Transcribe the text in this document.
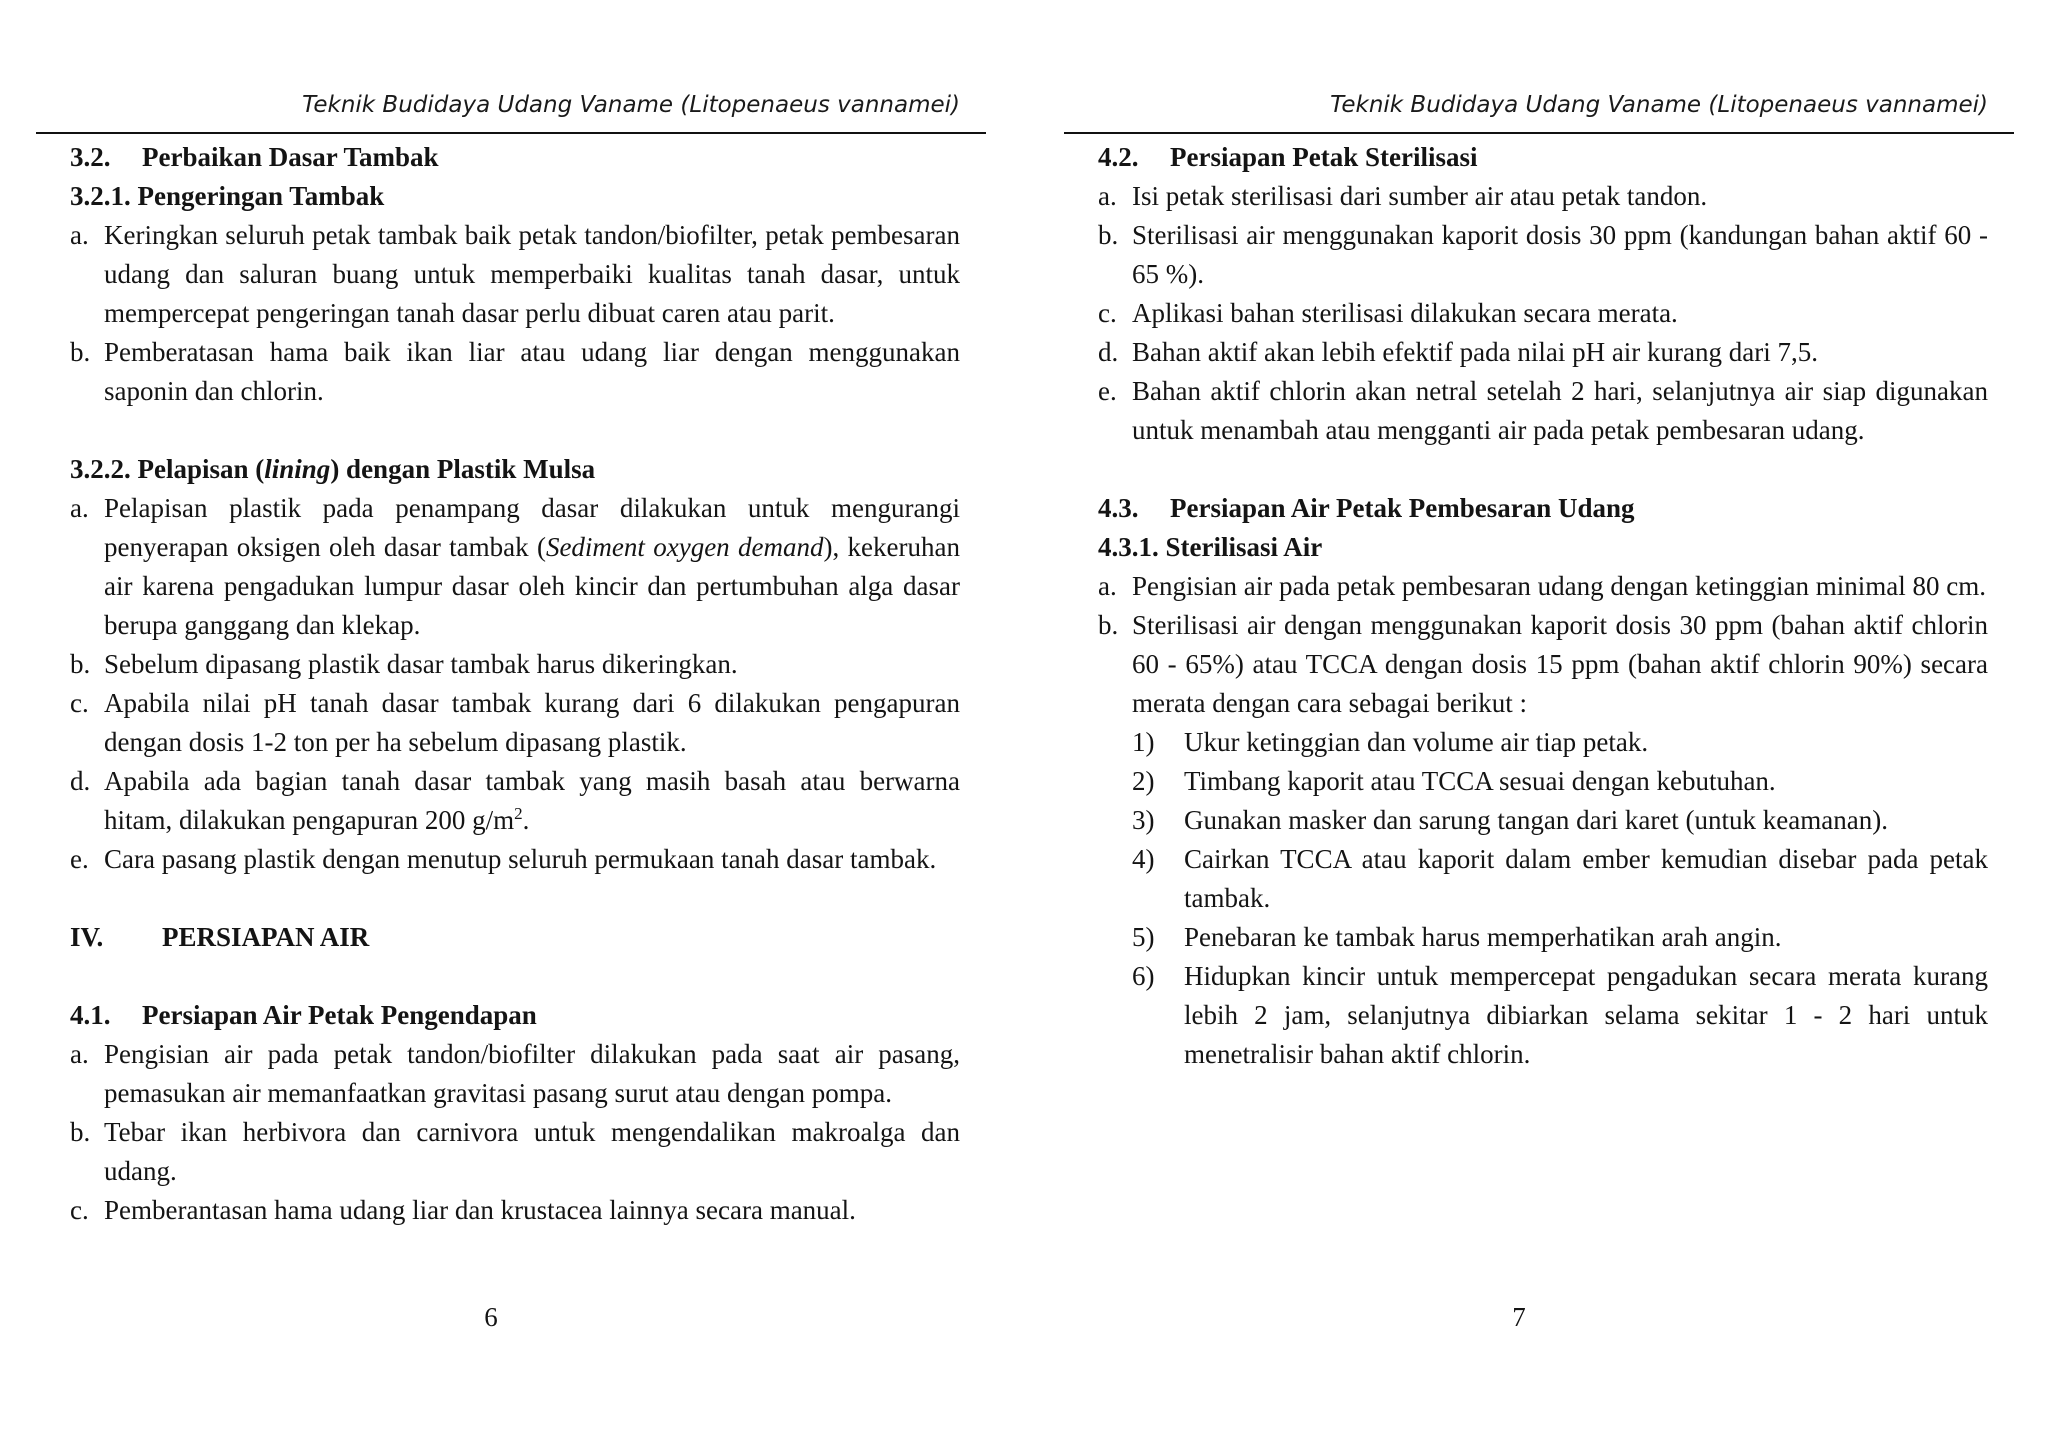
Teknik Budidaya Udang Vaname (Litopenaeus vannamei)
3.2.	Perbaikan Dasar Tambak
3.2.1.
Pengeringan Tambak
a. Keringkan seluruh petak tambak baik petak tandon/biofilter, petak pembesaran udang dan saluran buang untuk memperbaiki kualitas tanah dasar, untuk mempercepat pengeringan tanah dasar perlu dibuat caren atau parit.
b. Pemberatasan hama baik ikan liar atau udang liar dengan menggunakan saponin dan chlorin.
3.2.2.
Pelapisan (lining) dengan Plastik Mulsa
a. Pelapisan plastik pada penampang dasar dilakukan untuk mengurangi penyerapan oksigen oleh dasar tambak (Sediment oxygen demand), kekeruhan air karena pengadukan lumpur dasar oleh kincir dan pertumbuhan alga dasar berupa ganggang dan klekap.
b. Sebelum dipasang plastik dasar tambak harus dikeringkan.
c. Apabila nilai pH tanah dasar tambak kurang dari 6 dilakukan pengapuran dengan dosis 1-2 ton per ha sebelum dipasang plastik.
d. Apabila ada bagian tanah dasar tambak yang masih basah atau berwarna hitam, dilakukan pengapuran 200 $g/m^2$.
e. Cara pasang plastik dengan menutup seluruh permukaan tanah dasar tambak.
IV.	PERSIAPAN AIR
4.1.	Persiapan Air Petak Pengendapan
a. Pengisian air pada petak tandon/biofilter dilakukan pada saat air pasang, pemasukan air memanfaatkan gravitasi pasang surut atau dengan pompa.
b. Tebar ikan herbivora dan carnivora untuk mengendalikan makroalga dan udang.
c. Pemberantasan hama udang liar dan krustacea lainnya secara manual.
6
Teknik Budidaya Udang Vaname (Litopenaeus vannamei)
4.2.	Persiapan Petak Sterilisasi
a. Isi petak sterilisasi dari sumber air atau petak tandon.
b. Sterilisasi air menggunakan kaporit dosis 30 ppm (kandungan bahan aktif 60 - 65 %).
c. Aplikasi bahan sterilisasi dilakukan secara merata.
d. Bahan aktif akan lebih efektif pada nilai pH air kurang dari 7,5.
e. Bahan aktif chlorin akan netral setelah 2 hari, selanjutnya air siap digunakan untuk menambah atau mengganti air pada petak pembesaran udang.
4.3.	Persiapan Air Petak Pembesaran Udang
4.3.1.
Sterilisasi Air
a. Pengisian air pada petak pembesaran udang dengan ketinggian minimal 80 cm.
b. Sterilisasi air dengan menggunakan kaporit dosis 30 ppm (bahan aktif chlorin 60 - 65%) atau TCCA dengan dosis 15 ppm (bahan aktif chlorin 90%) secara merata dengan cara sebagai berikut :
1)	Ukur ketinggian dan volume air tiap petak.
2)	Timbang kaporit atau TCCA sesuai dengan kebutuhan.
3)	Gunakan masker dan sarung tangan dari karet (untuk keamanan).
4)	Cairkan TCCA atau kaporit dalam ember kemudian disebar pada petak tambak.
5)	Penebaran ke tambak harus memperhatikan arah angin.
6)	Hidupkan kincir untuk mempercepat pengadukan secara merata kurang lebih 2 jam, selanjutnya dibiarkan selama sekitar 1 - 2 hari untuk menetralisir bahan aktif chlorin.
7
